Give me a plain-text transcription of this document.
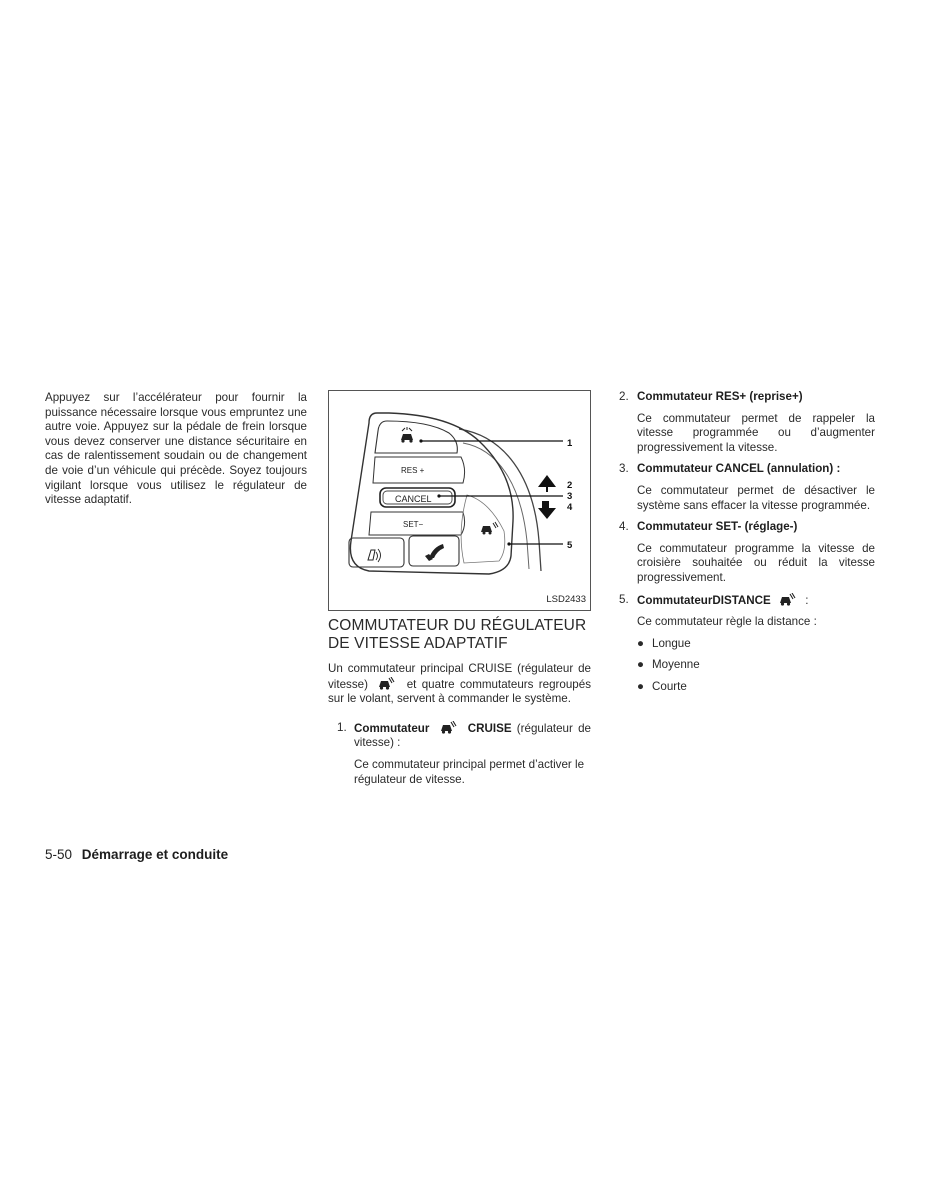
Appuyez sur l’accélérateur pour fournir la puissance nécessaire lorsque vous empruntez une autre voie. Appuyez sur la pédale de frein lorsque vous devez conserver une distance sécuritaire en cas de ralentissement soudain ou de changement de voie d’un véhicule qui précède. Soyez toujours vigilant lorsque vous utilisez le régulateur de vitesse adaptatif.

RES +
CANCEL
SET−
1
2
3
4
5
LSD2433
COMMUTATEUR DU RÉGULATEUR DE VITESSE ADAPTATIF

Un commutateur principal CRUISE (régulateur de vitesse)	et quatre commutateurs regroupés sur le volant, servent à commander le système.

1. Commutateur	CRUISE (régulateur de vitesse) :

Ce commutateur principal permet d’activer le régulateur de vitesse.

2. Commutateur RES+ (reprise+)

Ce commutateur permet de rappeler la vitesse programmée ou d’augmenter progressivement la vitesse.

3. Commutateur CANCEL (annulation) :

Ce commutateur permet de désactiver le système sans effacer la vitesse programmée.

4. Commutateur SET- (réglage-)

Ce commutateur programme la vitesse de croisière souhaitée ou réduit la vitesse progressivement.

5. CommutateurDISTANCE	:

Ce commutateur règle la distance :

● Longue
● Moyenne
● Courte
5-50 Démarrage et conduite
